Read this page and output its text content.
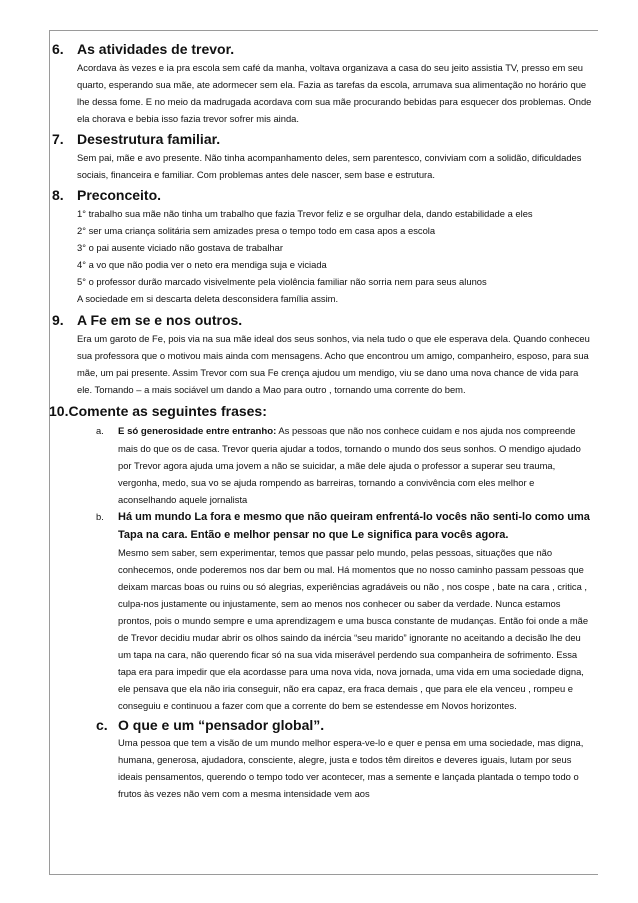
6. As atividades de trevor.
Acordava às vezes e ia pra escola sem café da manha, voltava organizava a casa do seu jeito assistia TV, presso em seu quarto, esperando sua mãe, ate adormecer sem ela. Fazia as tarefas da escola, arrumava sua alimentação no horário que lhe dessa fome. E no meio da madrugada acordava com sua mãe procurando bebidas para esquecer dos problemas. Onde ela chorava e bebia isso fazia trevor sofrer mis ainda.
7. Desestrutura familiar.
Sem pai, mãe e avo presente. Não tinha acompanhamento deles, sem parentesco, conviviam com a solidão, dificuldades sociais, financeira e familiar. Com problemas antes dele nascer, sem base e estrutura.
8. Preconceito.
1° trabalho sua mãe não tinha um trabalho que fazia Trevor feliz e se orgulhar dela, dando estabilidade a eles
2° ser uma criança solitária sem amizades presa o tempo todo em casa apos a escola
3° o pai ausente viciado não gostava de trabalhar
4° a vo que não podia ver o neto era mendiga suja e viciada
5° o professor durão marcado visivelmente pela violência familiar não sorria nem para seus alunos
A sociedade em si descarta deleta desconsidera família assim.
9. A Fe em se e nos outros.
Era um garoto de Fe, pois via na sua mãe ideal dos seus sonhos, via nela tudo o que ele esperava dela. Quando conheceu sua professora que o motivou mais ainda com mensagens. Acho que encontrou um amigo, companheiro, esposo, para sua mãe, um pai presente. Assim Trevor com sua Fe crença ajudou um mendigo, viu se dano uma nova chance de vida para ele. Tornando – a mais sociável um dando a Mao para outro , tornando uma corrente do bem.
10. Comente as seguintes frases:
a.	E só generosidade entre entranho: As pessoas que não nos conhece cuidam e nos ajuda nos compreende mais do que os de casa. Trevor queria ajudar a todos, tornando o mundo dos seus sonhos. O mendigo ajudado por Trevor agora ajuda uma jovem a não se suicidar, a mãe dele ajuda o professor a superar seu trauma, vergonha, medo, sua vo se ajuda rompendo as barreiras, tornando a convivência com eles melhor e aconselhando aquele jornalista
b.	Há um mundo La fora e mesmo que não queiram enfrentá-lo vocês não senti-lo como uma Tapa na cara. Então e melhor pensar no que Le significa para vocês agora.
Mesmo sem saber, sem experimentar, temos que passar pelo mundo, pelas pessoas, situações que não conhecemos, onde poderemos nos dar bem ou mal. Há momentos que no nosso caminho passam pessoas que deixam marcas boas ou ruins ou só alegrias, experiências agradáveis ou não , nos cospe , bate na cara , critica , culpa-nos justamente ou injustamente, sem ao menos nos conhecer ou saber da verdade. Nunca estamos prontos, pois o mundo sempre e uma aprendizagem e uma busca constante de mudanças. Então foi onde a mãe de Trevor decidiu mudar abrir os olhos saindo da inércia “seu marido” ignorante no aceitando a decisão lhe deu um tapa na cara, não querendo ficar só na sua vida miserável perdendo sua companheira de sofrimento. Essa tapa era para impedir que ela acordasse para uma nova vida, nova jornada, uma vida em uma sociedade digna, ele pensava que ela não iria conseguir, não era capaz, era fraca demais , que para ele ela venceu , rompeu e conseguiu e continuou a fazer com que a corrente do bem se estendesse em Novos horizontes.
c. O que e um “pensador global”.
Uma pessoa que tem a visão de um mundo melhor espera-ve-lo e quer e pensa em uma sociedade, mas digna, humana, generosa, ajudadora, consciente, alegre, justa e todos têm direitos e deveres iguais, lutam por seus ideais pensamentos, querendo o tempo todo ver acontecer, mas a semente e lançada plantada o tempo todo o frutos às vezes não vem com a mesma intensidade vem aos
